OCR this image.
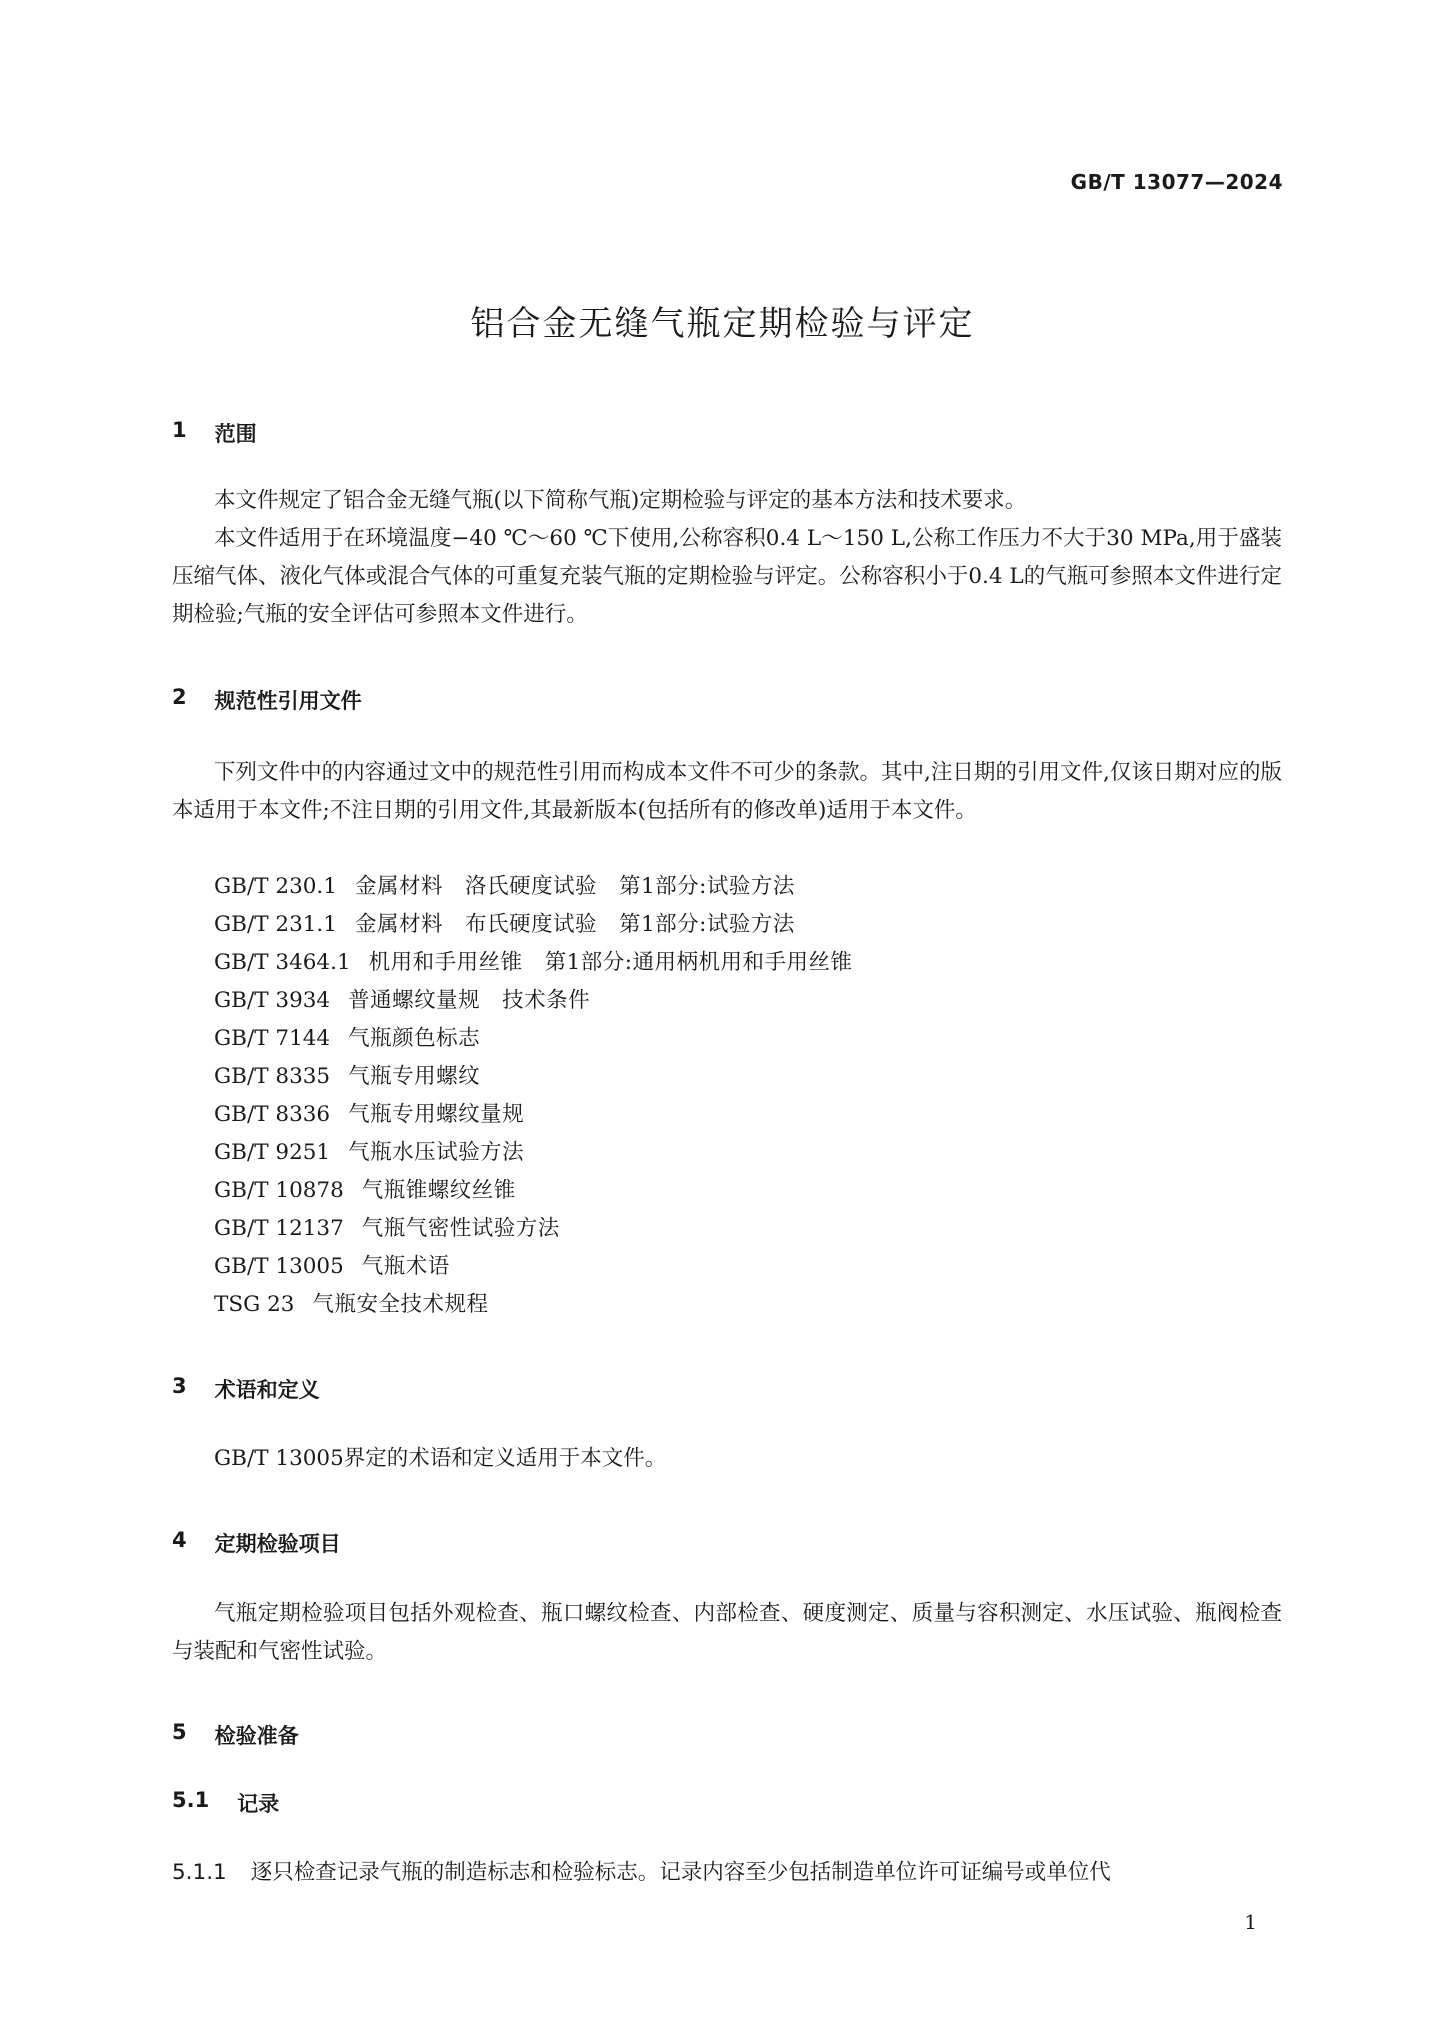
GB/T 13077—2024
铝合金无缝气瓶定期检验与评定
1 范围

本文件规定了铝合金无缝气瓶(以下简称气瓶)定期检验与评定的基本方法和技术要求。

本文件适用于在环境温度−40 ℃～60 ℃下使用,公称容积0.4 L～150 L,公称工作压力不大于30 MPa,用于盛装压缩气体、液化气体或混合气体的可重复充装气瓶的定期检验与评定。公称容积小于0.4 L的气瓶可参照本文件进行定期检验;气瓶的安全评估可参照本文件进行。

2 规范性引用文件

下列文件中的内容通过文中的规范性引用而构成本文件不可少的条款。其中,注日期的引用文件,仅该日期对应的版本适用于本文件;不注日期的引用文件,其最新版本(包括所有的修改单)适用于本文件。

GB/T 230.1 金属材料　洛氏硬度试验　第1部分:试验方法
GB/T 231.1 金属材料　布氏硬度试验　第1部分:试验方法
GB/T 3464.1 机用和手用丝锥　第1部分:通用柄机用和手用丝锥
GB/T 3934 普通螺纹量规　技术条件
GB/T 7144 气瓶颜色标志
GB/T 8335 气瓶专用螺纹
GB/T 8336 气瓶专用螺纹量规
GB/T 9251 气瓶水压试验方法
GB/T 10878 气瓶锥螺纹丝锥
GB/T 12137 气瓶气密性试验方法
GB/T 13005 气瓶术语
TSG 23 气瓶安全技术规程
3 术语和定义

GB/T 13005界定的术语和定义适用于本文件。

4 定期检验项目

气瓶定期检验项目包括外观检查、瓶口螺纹检查、内部检查、硬度测定、质量与容积测定、水压试验、瓶阀检查与装配和气密性试验。

5 检验准备
5.1 记录
5.1.1 逐只检查记录气瓶的制造标志和检验标志。记录内容至少包括制造单位许可证编号或单位代
1
